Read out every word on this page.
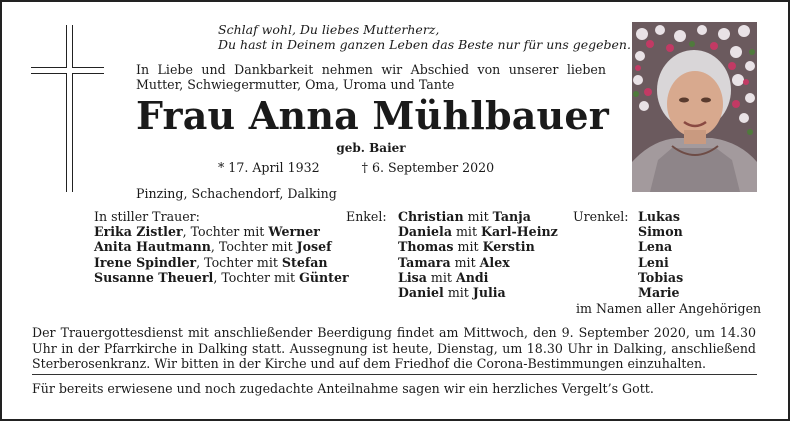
Schlaf wohl, Du liebes Mutterherz,
Du hast in Deinem ganzen Leben das Beste nur für uns gegeben.
In Liebe und Dankbarkeit nehmen wir Abschied von unserer lieben Mutter, Schwiegermutter, Oma, Uroma und Tante
Frau Anna Mühlbauer
geb. Baier
* 17. April 1932	† 6. September 2020
Pinzing, Schachendorf, Dalking
In stiller Trauer:
Erika Zistler, Tochter mit Werner
Anita Hautmann, Tochter mit Josef
Irene Spindler, Tochter mit Stefan
Susanne Theuerl, Tochter mit Günter
Enkel: Christian mit Tanja
Daniela mit Karl-Heinz
Thomas mit Kerstin
Tamara mit Alex
Lisa mit Andi
Daniel mit Julia
Urenkel: Lukas
Simon
Lena
Leni
Tobias
Marie
im Namen aller Angehörigen
Der Trauergottesdienst mit anschließender Beerdigung findet am Mittwoch, den 9. September 2020, um 14.30 Uhr in der Pfarrkirche in Dalking statt. Aussegnung ist heute, Dienstag, um 18.30 Uhr in Dalking, anschließend Sterberosenkranz. Wir bitten in der Kirche und auf dem Friedhof die Corona-Bestimmungen einzuhalten.
Für bereits erwiesene und noch zugedachte Anteilnahme sagen wir ein herzliches Vergelt’s Gott.
